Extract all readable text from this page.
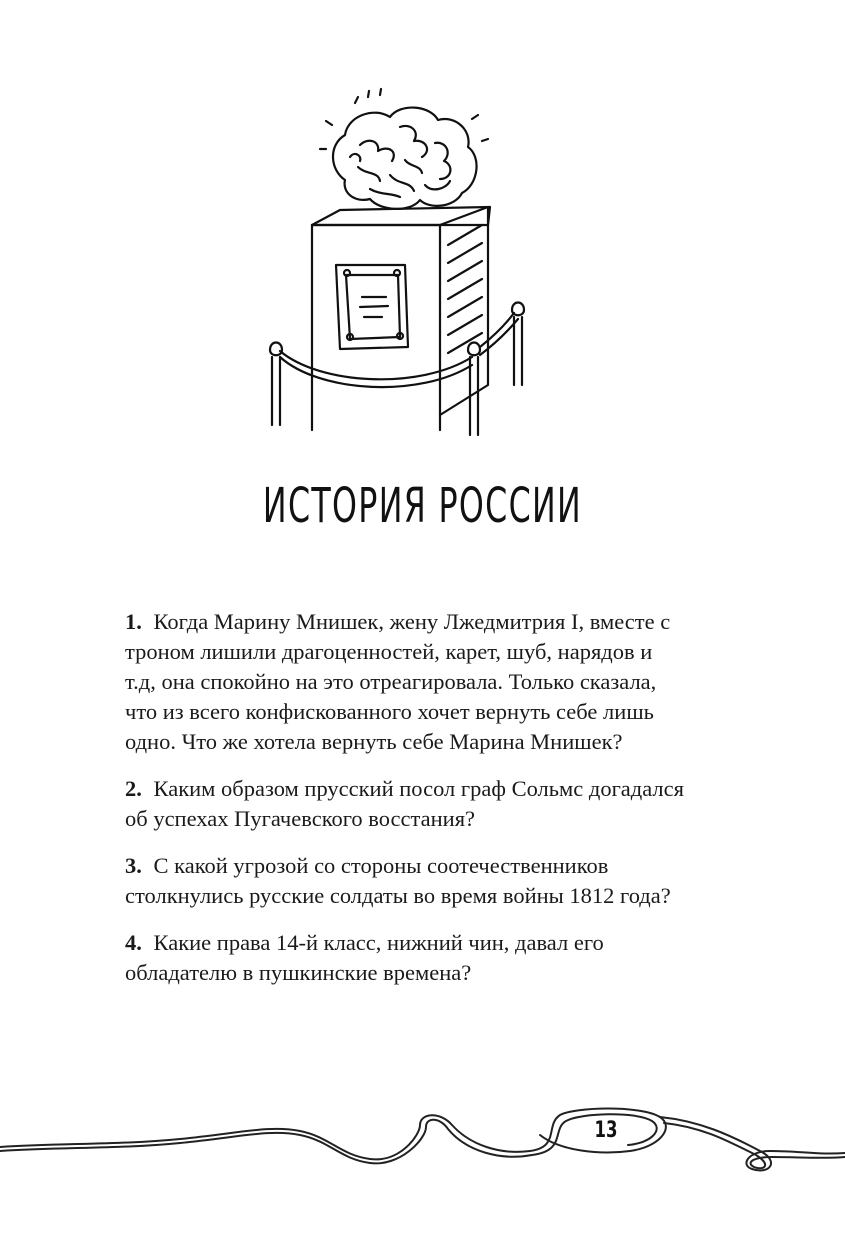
ИСТОРИЯ РОССИИ

1. Когда Марину Мнишек, жену Лжедмитрия I, вместе с троном лишили драгоценностей, карет, шуб, нарядов и т.д, она спокойно на это отреагировала. Только сказала, что из всего конфискованного хочет вернуть себе лишь одно. Что же хотела вернуть себе Марина Мнишек?

2. Каким образом прусский посол граф Сольмс догадался об успехах Пугачевского восстания?

3. С какой угрозой со стороны соотечественников столкнулись русские солдаты во время войны 1812 года?

4. Какие права 14-й класс, нижний чин, давал его обладателю в пушкинские времена?

13
